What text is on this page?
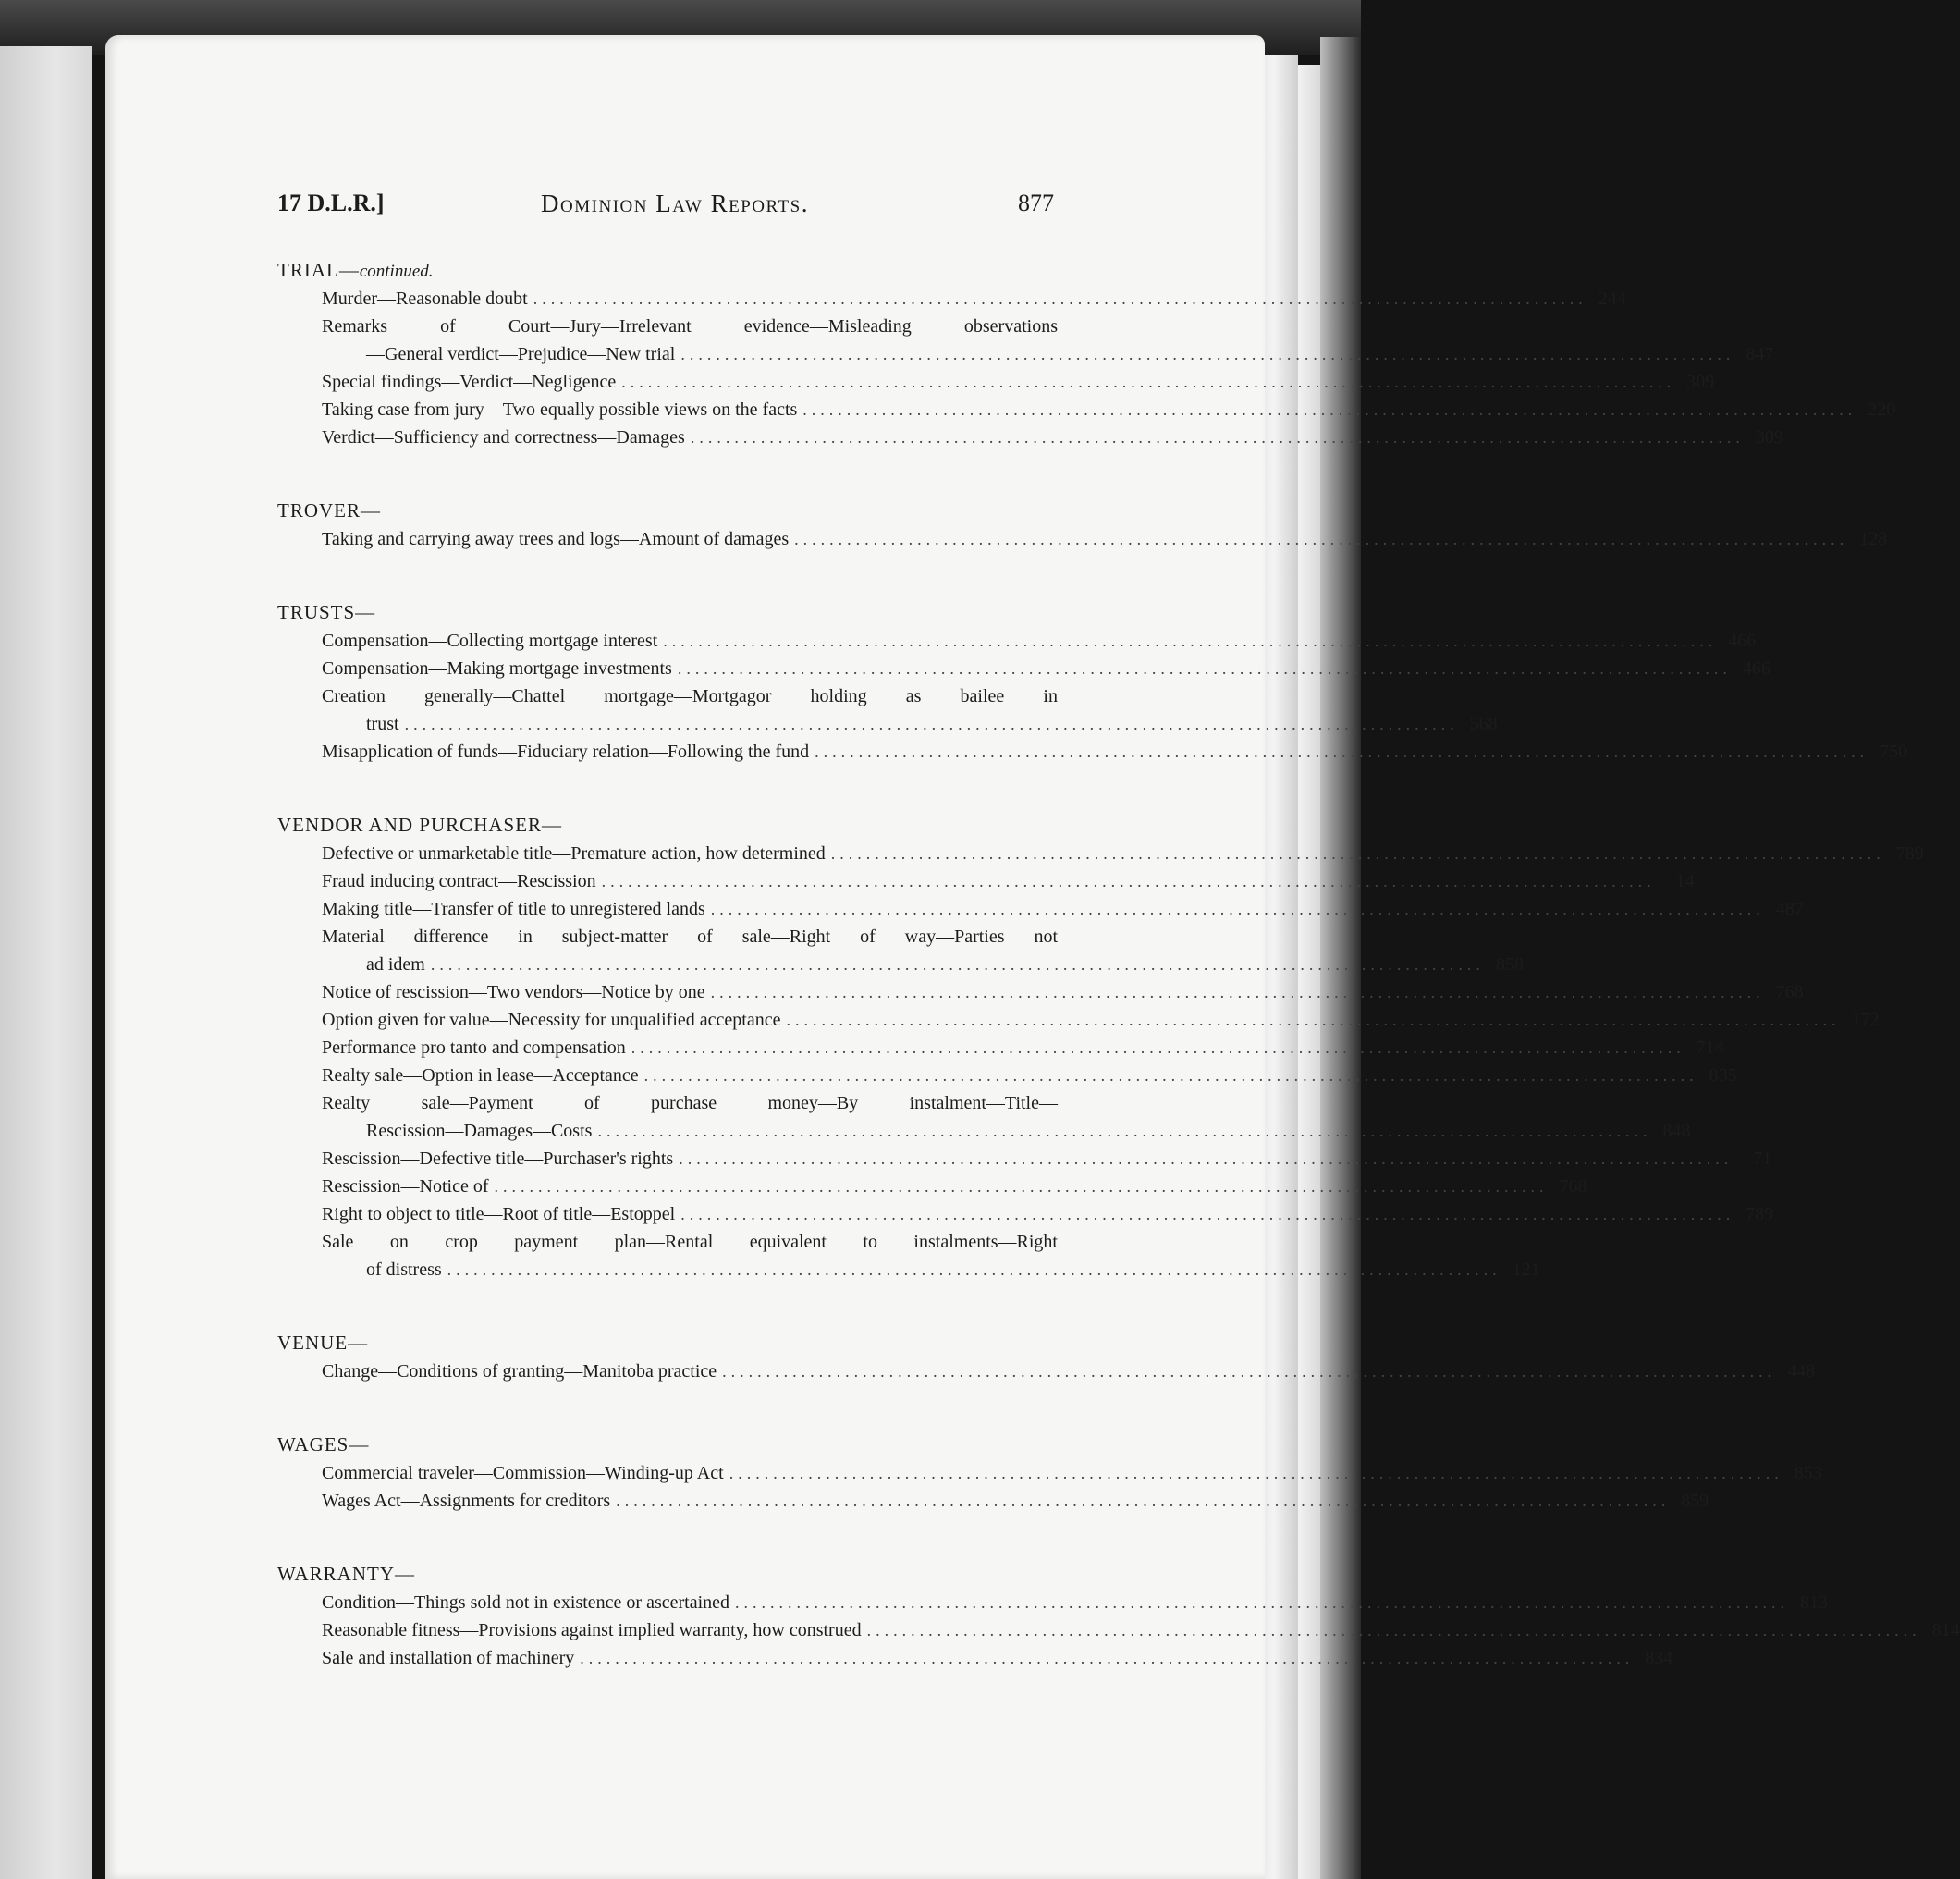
17 D.L.R.]	Dominion Law Reports.	877
TRIAL—continued.
Murder—Reasonable doubt ........................................................................................................................ 244
Remarks of Court—Jury—Irrelevant evidence—Misleading observations
—General verdict—Prejudice—New trial ........................................................................................................................ 847
Special findings—Verdict—Negligence ........................................................................................................................ 309
Taking case from jury—Two equally possible views on the facts ........................................................................................................................ 220
Verdict—Sufficiency and correctness—Damages ........................................................................................................................ 309
TROVER—
Taking and carrying away trees and logs—Amount of damages ........................................................................................................................ 128
TRUSTS—
Compensation—Collecting mortgage interest ........................................................................................................................ 466
Compensation—Making mortgage investments ........................................................................................................................ 466
Creation generally—Chattel mortgage—Mortgagor holding as bailee in
trust ........................................................................................................................ 568
Misapplication of funds—Fiduciary relation—Following the fund ........................................................................................................................ 750
VENDOR AND PURCHASER—
Defective or unmarketable title—Premature action, how determined ........................................................................................................................ 789
Fraud inducing contract—Rescission ........................................................................................................................	14
Making title—Transfer of title to unregistered lands ........................................................................................................................ 487
Material difference in subject-matter of sale—Right of way—Parties not
ad idem ........................................................................................................................ 858
Notice of rescission—Two vendors—Notice by one ........................................................................................................................ 768
Option given for value—Necessity for unqualified acceptance ........................................................................................................................ 172
Performance pro tanto and compensation ........................................................................................................................ 714
Realty sale—Option in lease—Acceptance ........................................................................................................................ 835
Realty sale—Payment of purchase money—By instalment—Title—
Rescission—Damages—Costs ........................................................................................................................ 848
Rescission—Defective title—Purchaser's rights ........................................................................................................................	71
Rescission—Notice of ........................................................................................................................ 768
Right to object to title—Root of title—Estoppel ........................................................................................................................ 789
Sale on crop payment plan—Rental equivalent to instalments—Right
of distress ........................................................................................................................ 121
VENUE—
Change—Conditions of granting—Manitoba practice ........................................................................................................................ 448
WAGES—
Commercial traveler—Commission—Winding-up Act ........................................................................................................................ 853
Wages Act—Assignments for creditors ........................................................................................................................ 859
WARRANTY—
Condition—Things sold not in existence or ascertained ........................................................................................................................ 813
Reasonable fitness—Provisions against implied warranty, how construed ........................................................................................................................ 814
Sale and installation of machinery ........................................................................................................................ 834
